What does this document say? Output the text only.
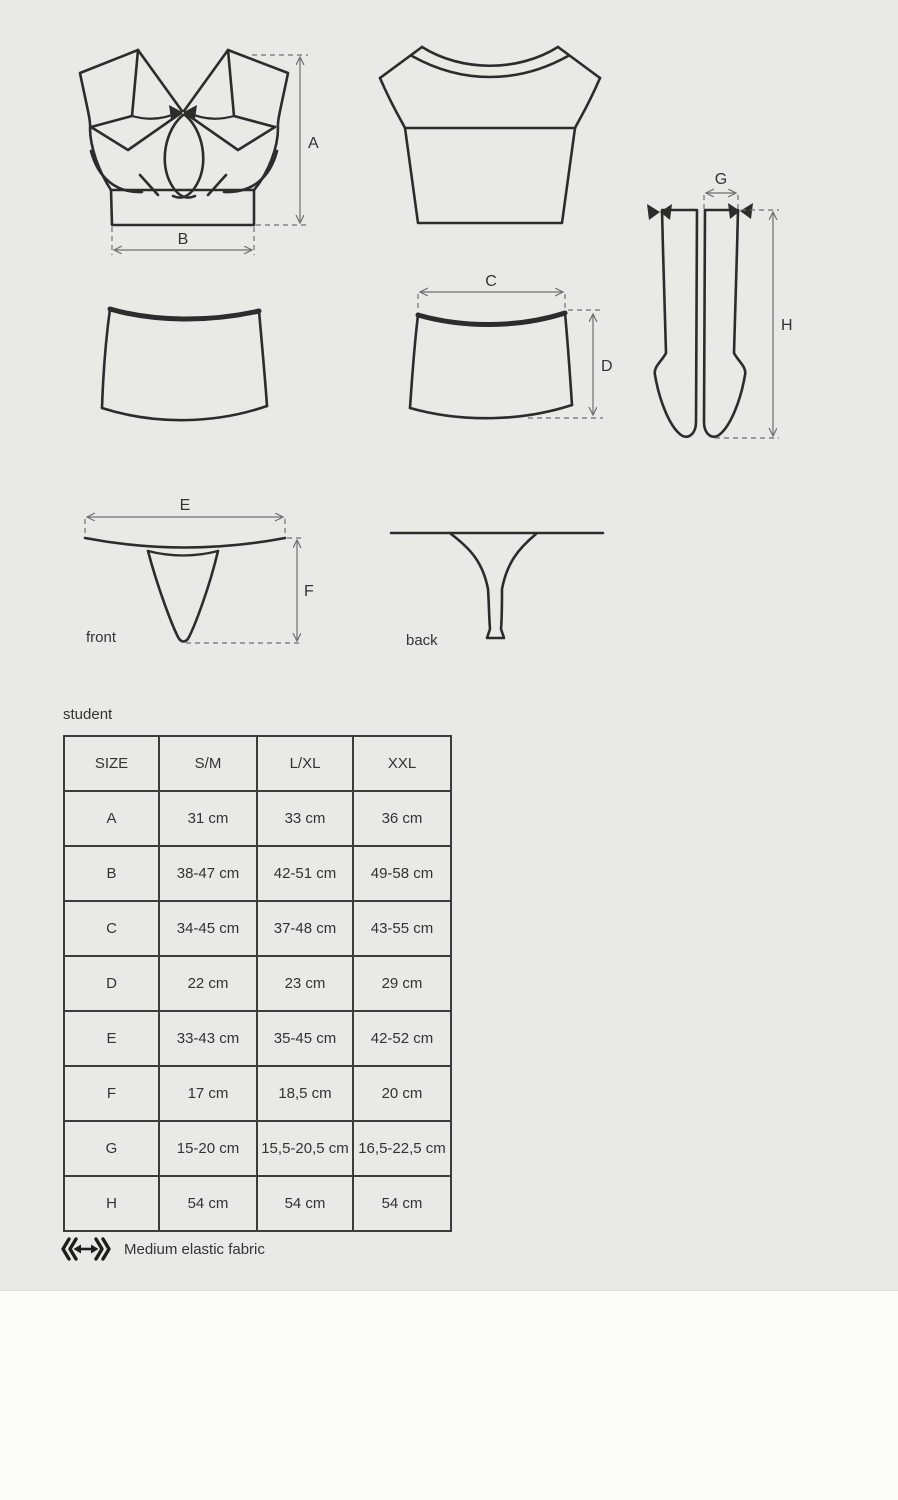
A
B
C
D
G
H
E
F
front	back
student
SIZE	S/M	L/XL	XXL
A	31 cm	33 cm	36 cm
B	38-47 cm	42-51 cm	49-58 cm
C	34-45 cm	37-48 cm	43-55 cm
D	22 cm	23 cm	29 cm
E	33-43 cm	35-45 cm	42-52 cm
F	17 cm	18,5 cm	20 cm
G	15-20 cm	15,5-20,5 cm	16,5-22,5 cm
H	54 cm	54 cm	54 cm
Medium elastic fabric
